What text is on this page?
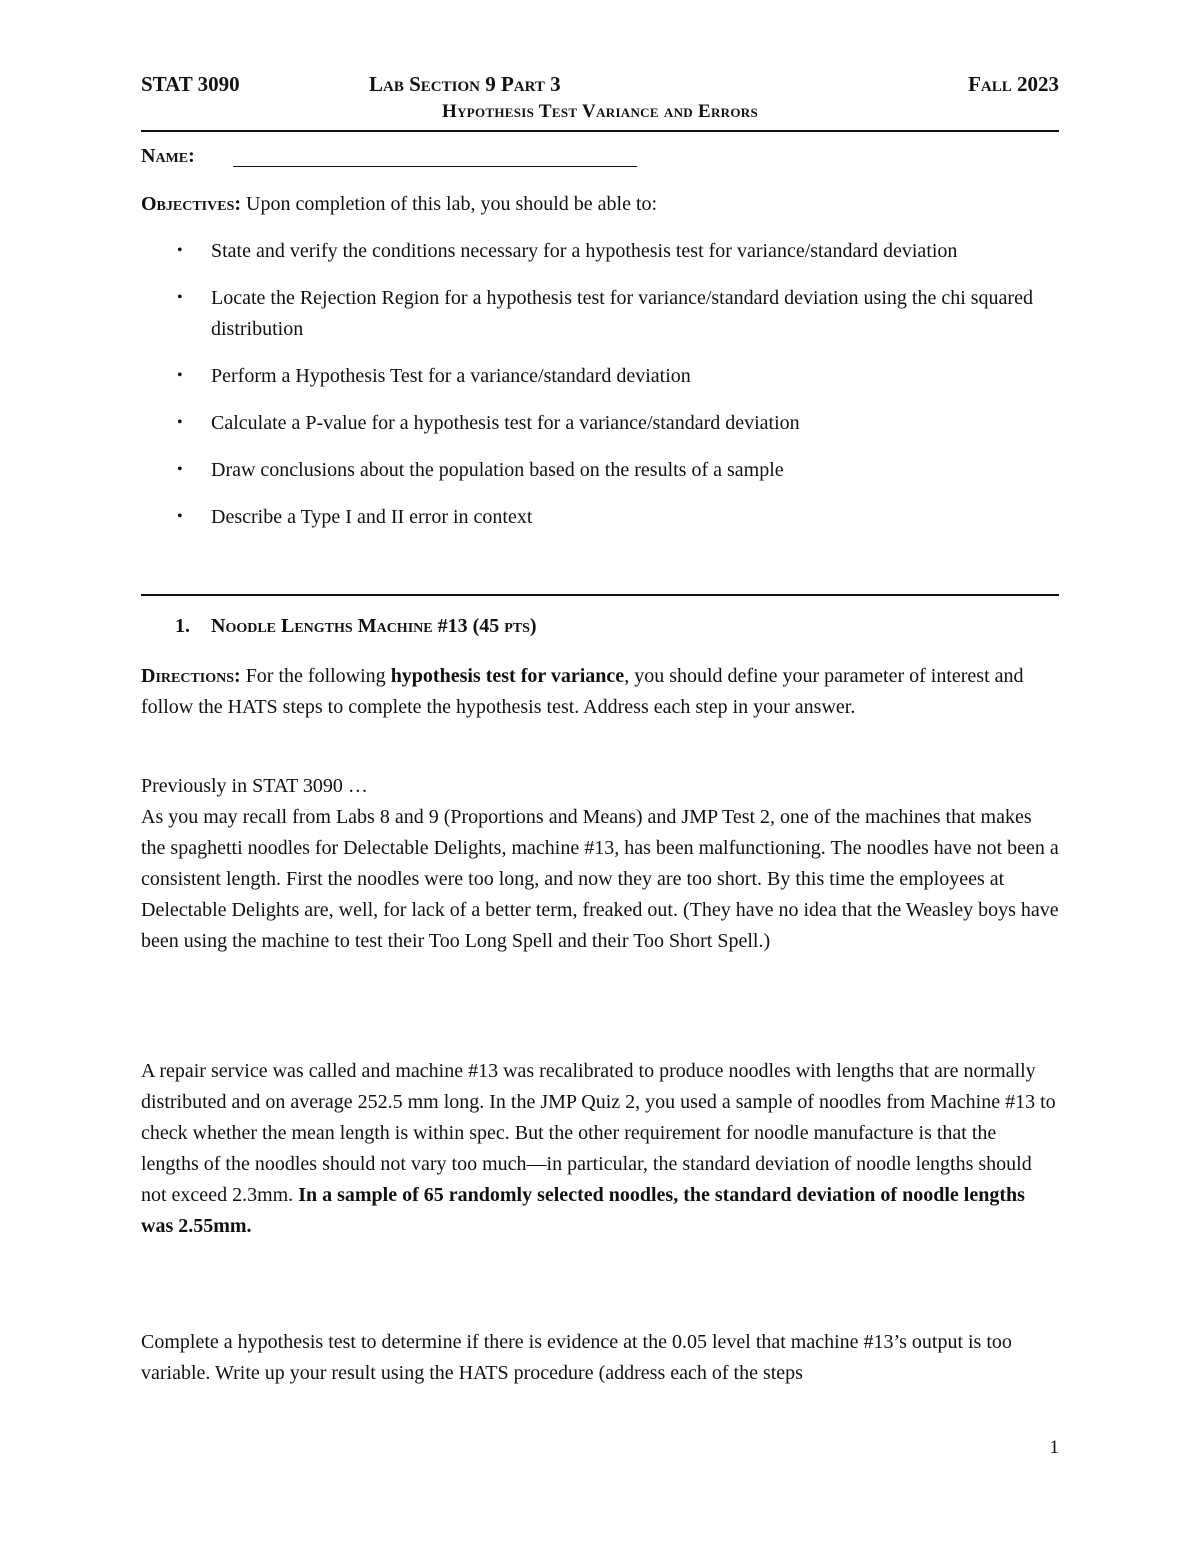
STAT 3090	Lab Section 9 Part 3	Fall 2023
Hypothesis Test Variance and Errors
Name:
Objectives: Upon completion of this lab, you should be able to:
• State and verify the conditions necessary for a hypothesis test for variance/standard deviation
• Locate the Rejection Region for a hypothesis test for variance/standard deviation using the chi squared distribution
• Perform a Hypothesis Test for a variance/standard deviation
• Calculate a P-value for a hypothesis test for a variance/standard deviation
• Draw conclusions about the population based on the results of a sample
• Describe a Type I and II error in context
1. Noodle Lengths Machine #13 (45 pts)
Directions: For the following hypothesis test for variance, you should define your parameter of interest and follow the HATS steps to complete the hypothesis test. Address each step in your answer.
Previously in STAT 3090 …
As you may recall from Labs 8 and 9 (Proportions and Means) and JMP Test 2, one of the machines that makes the spaghetti noodles for Delectable Delights, machine #13, has been malfunctioning. The noodles have not been a consistent length. First the noodles were too long, and now they are too short. By this time the employees at Delectable Delights are, well, for lack of a better term, freaked out. (They have no idea that the Weasley boys have been using the machine to test their Too Long Spell and their Too Short Spell.)
A repair service was called and machine #13 was recalibrated to produce noodles with lengths that are normally distributed and on average 252.5 mm long. In the JMP Quiz 2, you used a sample of noodles from Machine #13 to check whether the mean length is within spec. But the other requirement for noodle manufacture is that the lengths of the noodles should not vary too much—in particular, the standard deviation of noodle lengths should not exceed 2.3mm. In a sample of 65 randomly selected noodles, the standard deviation of noodle lengths was 2.55mm.
Complete a hypothesis test to determine if there is evidence at the 0.05 level that machine #13’s output is too variable. Write up your result using the HATS procedure (address each of the steps
1
